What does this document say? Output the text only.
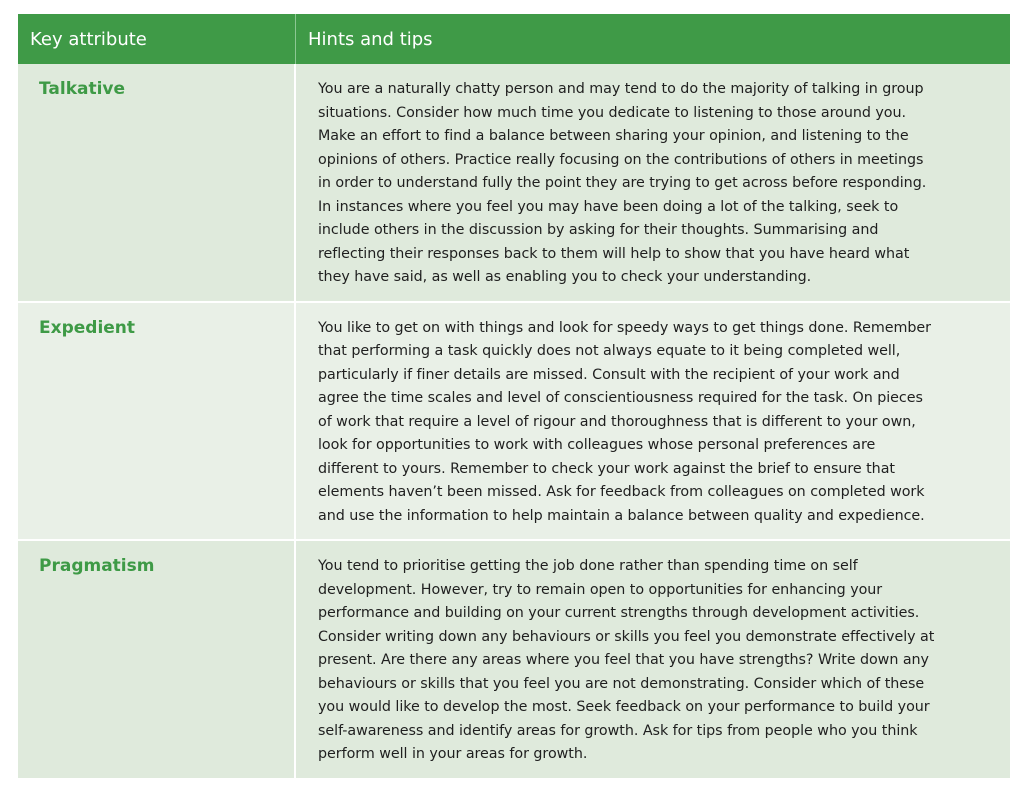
Key attribute	Hints and tips
Talkative	You are a naturally chatty person and may tend to do the majority of talking in group
situations. Consider how much time you dedicate to listening to those around you.
Make an effort to find a balance between sharing your opinion, and listening to the
opinions of others. Practice really focusing on the contributions of others in meetings
in order to understand fully the point they are trying to get across before responding.
In instances where you feel you may have been doing a lot of the talking, seek to
include others in the discussion by asking for their thoughts. Summarising and
reflecting their responses back to them will help to show that you have heard what
they have said, as well as enabling you to check your understanding.
Expedient	You like to get on with things and look for speedy ways to get things done. Remember
that performing a task quickly does not always equate to it being completed well,
particularly if finer details are missed. Consult with the recipient of your work and
agree the time scales and level of conscientiousness required for the task. On pieces
of work that require a level of rigour and thoroughness that is different to your own,
look for opportunities to work with colleagues whose personal preferences are
different to yours. Remember to check your work against the brief to ensure that
elements haven’t been missed. Ask for feedback from colleagues on completed work
and use the information to help maintain a balance between quality and expedience.
Pragmatism	You tend to prioritise getting the job done rather than spending time on self
development. However, try to remain open to opportunities for enhancing your
performance and building on your current strengths through development activities.
Consider writing down any behaviours or skills you feel you demonstrate effectively at
present. Are there any areas where you feel that you have strengths? Write down any
behaviours or skills that you feel you are not demonstrating. Consider which of these
you would like to develop the most. Seek feedback on your performance to build your
self-awareness and identify areas for growth. Ask for tips from people who you think
perform well in your areas for growth.
